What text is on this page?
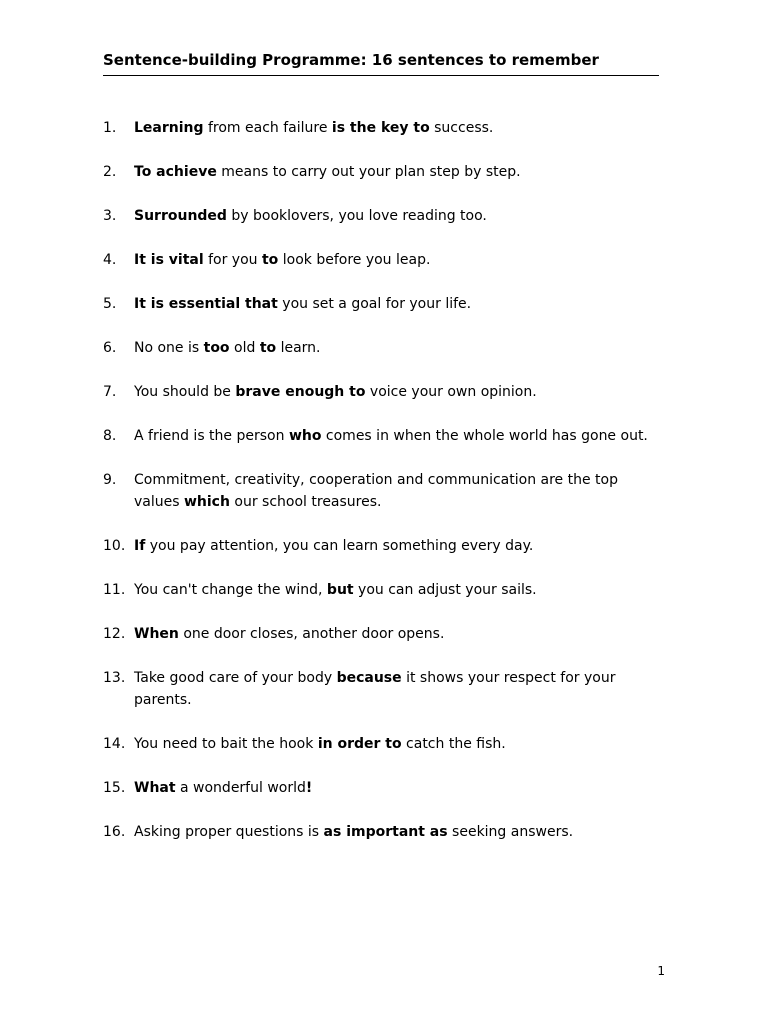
Sentence-building Programme: 16 sentences to remember
1.	Learning from each failure is the key to success.
2.	To achieve means to carry out your plan step by step.
3.	Surrounded by booklovers, you love reading too.
4.	It is vital for you to look before you leap.
5.	It is essential that you set a goal for your life.
6.	No one is too old to learn.
7.	You should be brave enough to voice your own opinion.
8.	A friend is the person who comes in when the whole world has gone out.
9.	Commitment, creativity, cooperation and communication are the top values which our school treasures.
10. If you pay attention, you can learn something every day.
11. You can't change the wind, but you can adjust your sails.
12. When one door closes, another door opens.
13. Take good care of your body because it shows your respect for your parents.
14. You need to bait the hook in order to catch the fish.
15. What a wonderful world!
16. Asking proper questions is as important as seeking answers.
1
